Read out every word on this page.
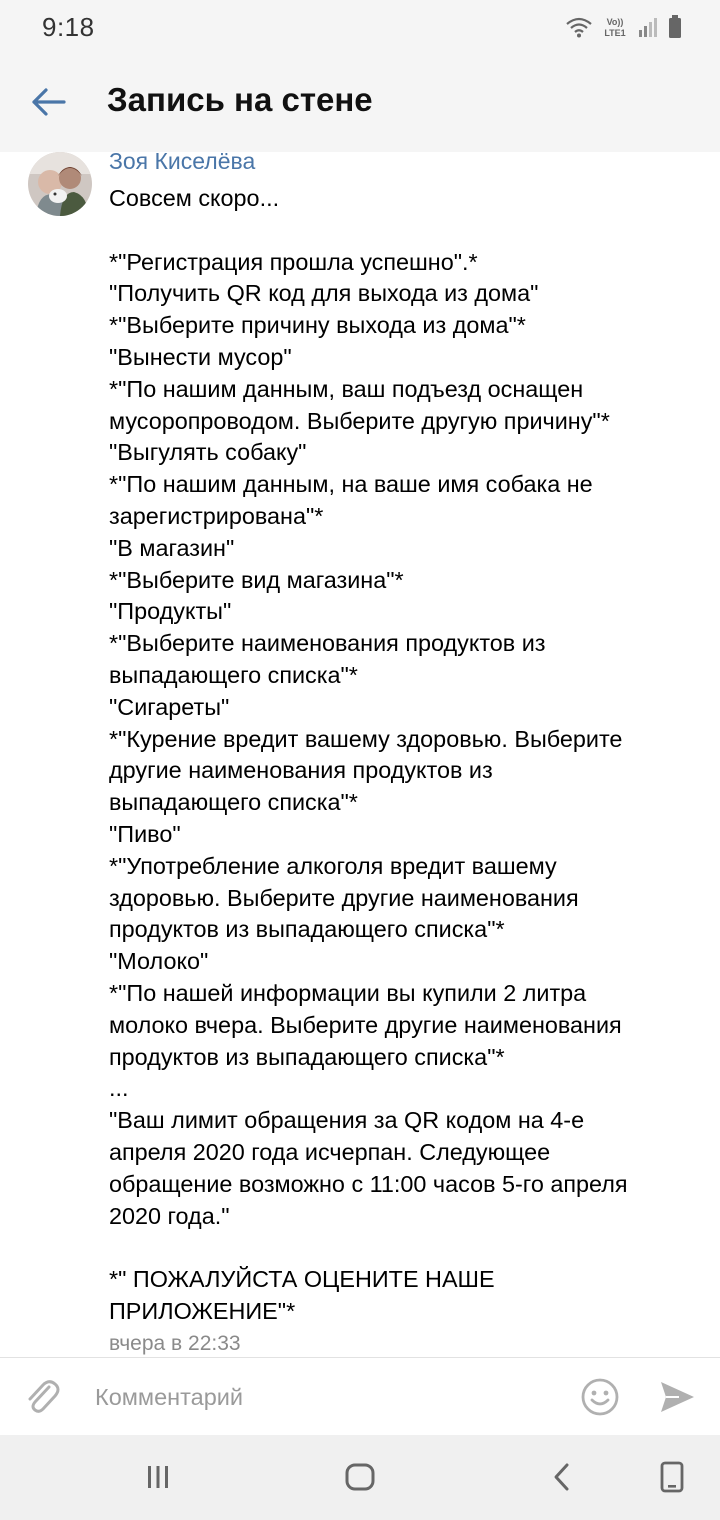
9:18	Vo))
LTE1
Запись на стене
Зоя Киселёва
Совсем скоро...
*"Регистрация прошла успешно".*
"Получить QR код для выхода из дома"
*"Выберите причину выхода из дома"*
"Вынести мусор"
*"По нашим данным, ваш подъезд оснащен
мусоропроводом. Выберите другую причину"*
"Выгулять собаку"
*"По нашим данным, на ваше имя собака не
зарегистрирована"*
"В магазин"
*"Выберите вид магазина"*
"Продукты"
*"Выберите наименования продуктов из
выпадающего списка"*
"Сигареты"
*"Курение вредит вашему здоровью. Выберите
другие наименования продуктов из
выпадающего списка"*
"Пиво"
*"Употребление алкоголя вредит вашему
здоровью. Выберите другие наименования
продуктов из выпадающего списка"*
"Молоко"
*"По нашей информации вы купили 2 литра
молоко вчера. Выберите другие наименования
продуктов из выпадающего списка"*
...
"Ваш лимит обращения за QR кодом на 4-е
апреля 2020 года исчерпан. Следующее
обращение возможно с 11:00 часов 5-го апреля
2020 года."
*" ПОЖАЛУЙСТА ОЦЕНИТЕ НАШЕ
ПРИЛОЖЕНИЕ"*
вчера в 22:33
Комментарий
